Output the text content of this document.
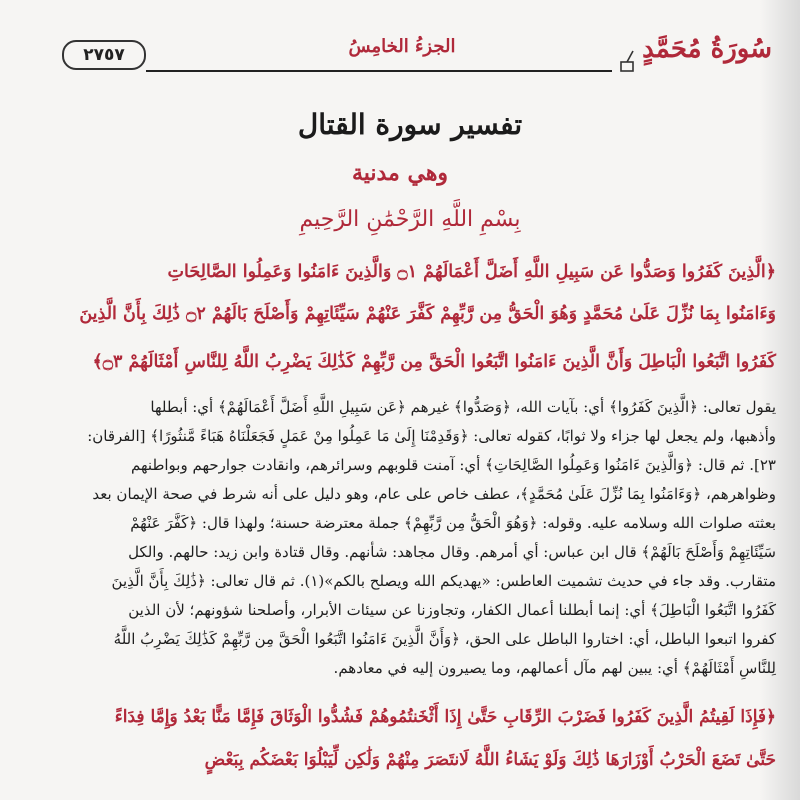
٢٧٥٧	الجزءُ الخامِسُ	سُورَةُ مُحَمَّدٍ
تفسير سورة القتال
وهي مدنية
بِسْمِ اللَّهِ الرَّحْمَٰنِ الرَّحِيمِ
﴿الَّذِينَ كَفَرُوا وَصَدُّوا عَن سَبِيلِ اللَّهِ أَضَلَّ أَعْمَالَهُمْ ۝١ وَالَّذِينَ ءَامَنُوا وَعَمِلُوا الصَّالِحَاتِ
وَءَامَنُوا بِمَا نُزِّلَ عَلَىٰ مُحَمَّدٍ وَهُوَ الْحَقُّ مِن رَّبِّهِمْ كَفَّرَ عَنْهُمْ سَيِّئَاتِهِمْ وَأَصْلَحَ بَالَهُمْ ۝٢ ذَٰلِكَ بِأَنَّ الَّذِينَ
كَفَرُوا اتَّبَعُوا الْبَاطِلَ وَأَنَّ الَّذِينَ ءَامَنُوا اتَّبَعُوا الْحَقَّ مِن رَّبِّهِمْ كَذَٰلِكَ يَضْرِبُ اللَّهُ لِلنَّاسِ أَمْثَالَهُمْ ۝٣﴾
يقول تعالى: ﴿الَّذِينَ كَفَرُوا﴾ أي: بآيات الله، ﴿وَصَدُّوا﴾ غيرهم ﴿عَن سَبِيلِ اللَّهِ أَضَلَّ أَعْمَالَهُمْ﴾ أي: أبطلها
وأذهبها، ولم يجعل لها جزاء ولا ثوابًا، كقوله تعالى: ﴿وَقَدِمْنَا إِلَىٰ مَا عَمِلُوا مِنْ عَمَلٍ فَجَعَلْنَاهُ هَبَاءً مَّنثُورًا﴾ [الفرقان:
٢٣]. ثم قال: ﴿وَالَّذِينَ ءَامَنُوا وَعَمِلُوا الصَّالِحَاتِ﴾ أي: آمنت قلوبهم وسرائرهم، وانقادت جوارحهم وبواطنهم
وظواهرهم، ﴿وَءَامَنُوا بِمَا نُزِّلَ عَلَىٰ مُحَمَّدٍ﴾، عطف خاص على عام، وهو دليل على أنه شرط في صحة الإيمان بعد
بعثته صلوات الله وسلامه عليه. وقوله: ﴿وَهُوَ الْحَقُّ مِن رَّبِّهِمْ﴾ جملة معترضة حسنة؛ ولهذا قال: ﴿كَفَّرَ عَنْهُمْ
سَيِّئَاتِهِمْ وَأَصْلَحَ بَالَهُمْ﴾ قال ابن عباس: أي أمرهم. وقال مجاهد: شأنهم. وقال قتادة وابن زيد: حالهم. والكل
متقارب. وقد جاء في حديث تشميت العاطس: «يهديكم الله ويصلح بالكم»(١). ثم قال تعالى: ﴿ذَٰلِكَ بِأَنَّ الَّذِينَ
كَفَرُوا اتَّبَعُوا الْبَاطِلَ﴾ أي: إنما أبطلنا أعمال الكفار، وتجاوزنا عن سيئات الأبرار، وأصلحنا شؤونهم؛ لأن الذين
كفروا اتبعوا الباطل، أي: اختاروا الباطل على الحق، ﴿وَأَنَّ الَّذِينَ ءَامَنُوا اتَّبَعُوا الْحَقَّ مِن رَّبِّهِمْ كَذَٰلِكَ يَضْرِبُ اللَّهُ
لِلنَّاسِ أَمْثَالَهُمْ﴾ أي: يبين لهم مآل أعمالهم، وما يصيرون إليه في معادهم.
﴿فَإِذَا لَقِيتُمُ الَّذِينَ كَفَرُوا فَضَرْبَ الرِّقَابِ حَتَّىٰ إِذَا أَثْخَنتُمُوهُمْ فَشُدُّوا الْوَثَاقَ فَإِمَّا مَنًّا بَعْدُ وَإِمَّا فِدَاءً
حَتَّىٰ تَضَعَ الْحَرْبُ أَوْزَارَهَا ذَٰلِكَ وَلَوْ يَشَاءُ اللَّهُ لَانتَصَرَ مِنْهُمْ وَلَٰكِن لِّيَبْلُوَا بَعْضَكُم بِبَعْضٍ
